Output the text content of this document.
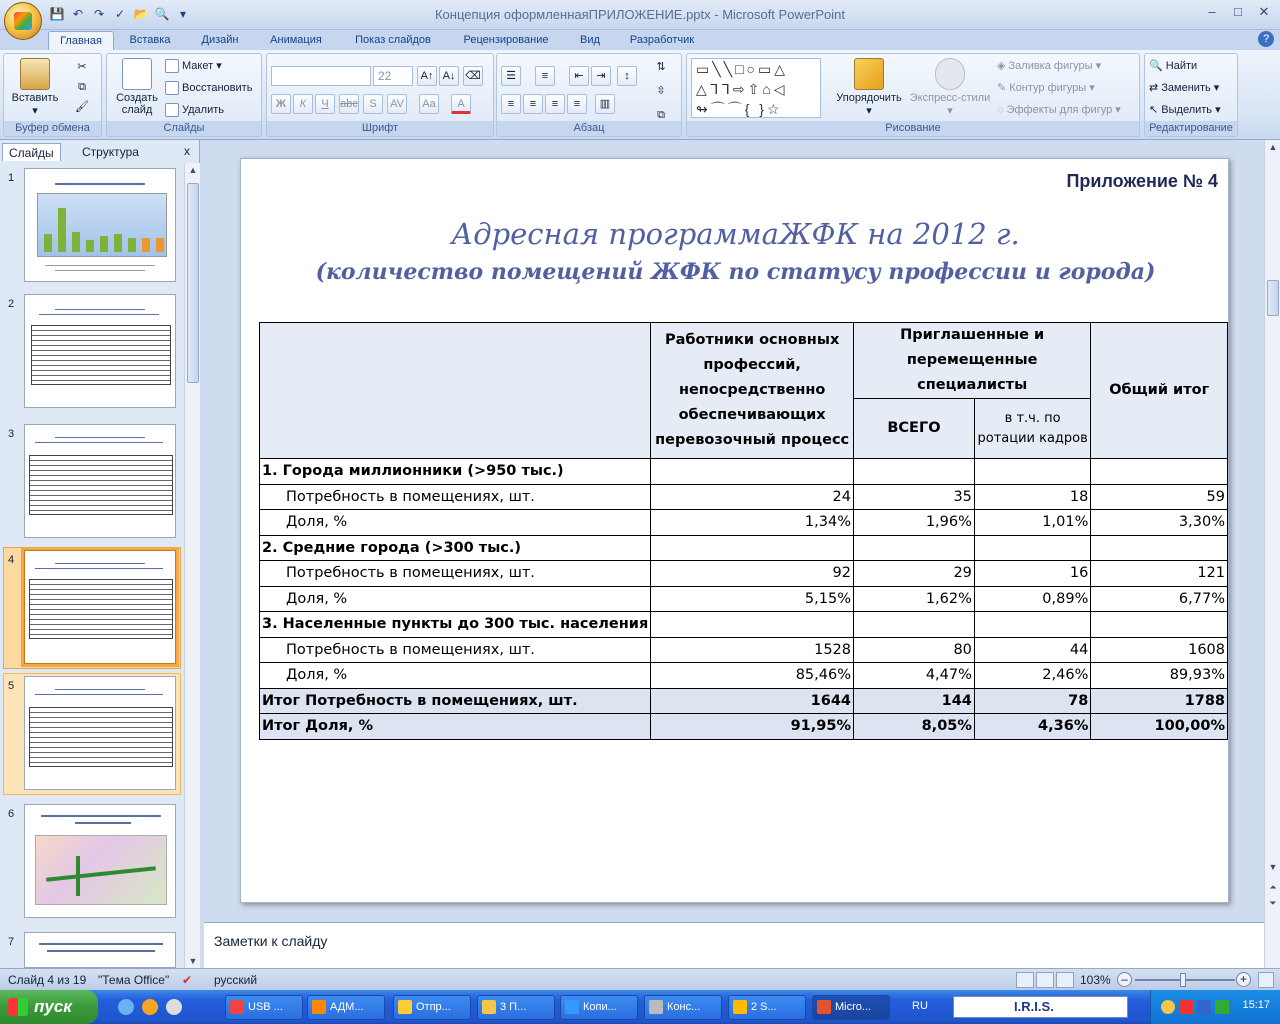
💾 ↶ ↷ ✓ 📂 🔍 ▾	Концепция оформленнаяПРИЛОЖЕНИЕ.pptx - Microsoft PowerPoint	–	□	✕
Главная	Вставка	Дизайн	Анимация	Показ слайдов	Рецензирование	Вид	Разработчик	?
Вставить
▾
✂
⧉
🖌
Буфер обмена
Создать слайд
Макет ▾
Восстановить
Удалить
Слайды
22	A↑ A↓ ⌫
Ж	К	Ч	abc	S	AV Aa	A
Шрифт
☰	≡	⇤	⇥	↕
⇅
≡	≡	≡	≡	▥
⇳
⧉
Абзац
▭╲╲□○▭△
△ᒣᒣ⇨⇧⌂◁
↬⌒⌒{ }☆
Упорядочить
▾
Экспресс-стили
▾
◈ Заливка фигуры ▾
✎ Контур фигуры ▾
◌ Эффекты для фигур ▾
Рисование
🔍 Найти
⇄ Заменить ▾
↖ Выделить ▾
Редактирование
Слайды	Структура	x
1
2
3
4
5
6
7
▲
▼
Приложение № 4
Адресная программаЖФК на 2012 г.
(количество помещений ЖФК по статусу профессии и города)
	Работники основных профессий, непосредственно обеспечивающих перевозочный процесс	Приглашенные и перемещенные специалисты		Общий итог
		ВСЕГО	в т.ч. по ротации кадров	
1. Города миллионники (>950 тыс.)				
Потребность в помещениях, шт.	24	35	18	59
Доля, %	1,34%	1,96%	1,01%	3,30%
2. Средние города (>300 тыс.)				
Потребность в помещениях, шт.	92	29	16	121
Доля, %	5,15%	1,62%	0,89%	6,77%
3. Населенные пункты до 300 тыс. населения				
Потребность в помещениях, шт.	1528	80	44	1608
Доля, %	85,46%	4,47%	2,46%	89,93%
Итог Потребность в помещениях, шт.	1644	144	78	1788
Итог Доля, %	91,95%	8,05%	4,36%	100,00%
▲
▼
⏶
⏷
Заметки к слайду
Слайд 4 из 19 "Тема Office" ✔ русский	103% –	+
пуск	USB ...	АДМ...	Отпр...	3 П...	Копи...	Конс...	2 S...	Micro...	RU	I.R.I.S.	15:17
